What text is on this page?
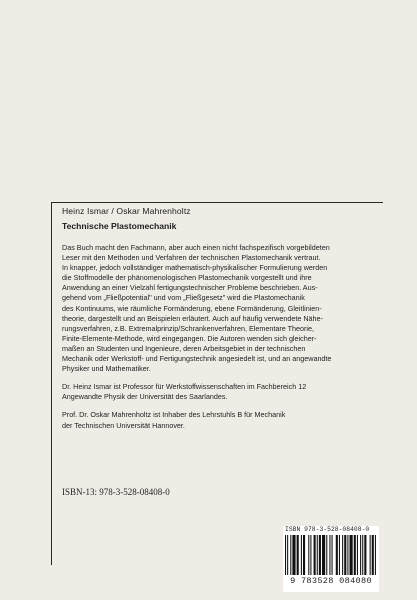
Heinz Ismar / Oskar Mahrenholtz
Technische Plastomechanik

Das Buch macht den Fachmann, aber auch einen nicht fachspezifisch vorgebildeten
Leser mit den Methoden und Verfahren der technischen Plastomechanik vertraut.
In knapper, jedoch vollständiger mathematisch-physikalischer Formulierung werden
die Stoffmodelle der phänomenologischen Plastomechanik vorgestellt und ihre
Anwendung an einer Vielzahl fertigungstechnischer Probleme beschrieben. Aus-
gehend vom „Fließpotential" und vom „Fließgesetz" wird die Plastomechanik
des Kontinuums, wie räumliche Formänderung, ebene Formänderung, Gleitlinien-
theorie, dargestellt und an Beispielen erläutert. Auch auf häufig verwendete Nähe-
rungsverfahren, z.B. Extremalprinzip/Schrankenverfahren, Elementare Theorie,
Finite-Elemente-Methode, wird eingegangen. Die Autoren wenden sich gleicher-
maßen an Studenten und Ingenieure, deren Arbeitsgebiet in der technischen
Mechanik oder Werkstoff- und Fertigungstechnik angesiedelt ist, und an angewandte
Physiker und Mathematiker.

Dr. Heinz Ismar ist Professor für Werkstoffwissenschaften im Fachbereich 12
Angewandte Physik der Universität des Saarlandes.

Prof. Dr. Oskar Mahrenholtz ist Inhaber des Lehrstuhls B für Mechanik
der Technischen Universität Hannover.

ISBN-13: 978-3-528-08408-0
ISBN 978-3-528-08408-0
9 783528 084080
